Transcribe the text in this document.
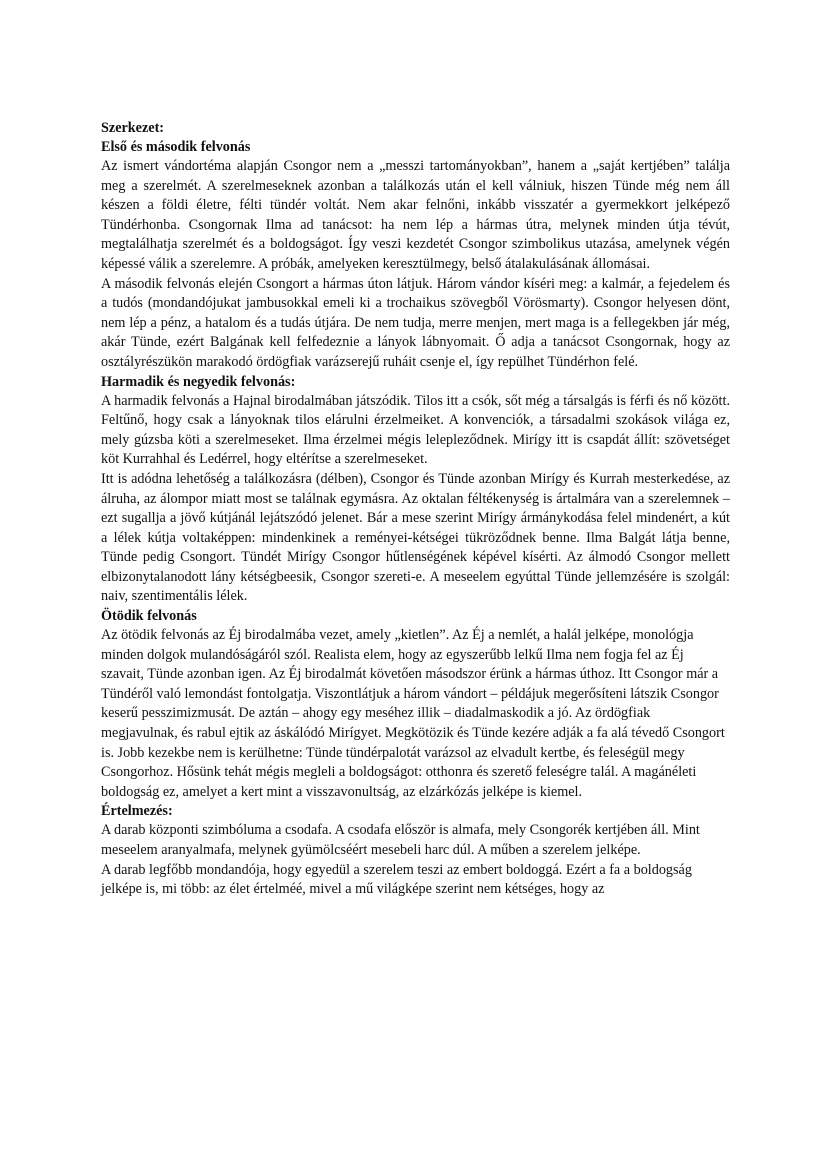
Szerkezet:
Első és második felvonás

Az ismert vándortéma alapján Csongor nem a „messzi tartományokban”, hanem a „saját kertjében” találja meg a szerelmét. A szerelmeseknek azonban a találkozás után el kell válniuk, hiszen Tünde még nem áll készen a földi életre, félti tündér voltát. Nem akar felnőni, inkább visszatér a gyermekkort jelképező Tündérhonba. Csongornak Ilma ad tanácsot: ha nem lép a hármas útra, melynek minden útja tévút, megtalálhatja szerelmét és a boldogságot. Így veszi kezdetét Csongor szimbolikus utazása, amelynek végén képessé válik a szerelemre. A próbák, amelyeken keresztülmegy, belső átalakulásának állomásai.

A második felvonás elején Csongort a hármas úton látjuk. Három vándor kíséri meg: a kalmár, a fejedelem és a tudós (mondandójukat jambusokkal emeli ki a trochaikus szövegből Vörösmarty). Csongor helyesen dönt, nem lép a pénz, a hatalom és a tudás útjára. De nem tudja, merre menjen, mert maga is a fellegekben jár még, akár Tünde, ezért Balgának kell felfedeznie a lányok lábnyomait. Ő adja a tanácsot Csongornak, hogy az osztályrészükön marakodó ördögfiak varázserejű ruháit csenje el, így repülhet Tündérhon felé.

Harmadik és negyedik felvonás:

A harmadik felvonás a Hajnal birodalmában játszódik. Tilos itt a csók, sőt még a társalgás is férfi és nő között. Feltűnő, hogy csak a lányoknak tilos elárulni érzelmeiket. A konvenciók, a társadalmi szokások világa ez, mely gúzsba köti a szerelmeseket. Ilma érzelmei mégis lelepleződnek. Mirígy itt is csapdát állít: szövetséget köt Kurrahhal és Ledérrel, hogy eltérítse a szerelmeseket.

Itt is adódna lehetőség a találkozásra (délben), Csongor és Tünde azonban Mirígy és Kurrah mesterkedése, az álruha, az álompor miatt most se találnak egymásra. Az oktalan féltékenység is ártalmára van a szerelemnek – ezt sugallja a jövő kútjánál lejátszódó jelenet. Bár a mese szerint Mirígy ármánykodása felel mindenért, a kút a lélek kútja voltaképpen: mindenkinek a reményei-kétségei tükröződnek benne. Ilma Balgát látja benne, Tünde pedig Csongort. Tündét Mirígy Csongor hűtlenségének képével kísérti. Az álmodó Csongor mellett elbizonytalanodott lány kétségbeesik, Csongor szereti-e. A meseelem egyúttal Tünde jellemzésére is szolgál: naiv, szentimentális lélek.

Ötödik felvonás

Az ötödik felvonás az Éj birodalmába vezet, amely „kietlen”. Az Éj a nemlét, a halál jelképe, monológja minden dolgok mulandóságáról szól. Realista elem, hogy az egyszerűbb lelkű Ilma nem fogja fel az Éj szavait, Tünde azonban igen. Az Éj birodalmát követően másodszor érünk a hármas úthoz. Itt Csongor már a Tündéről való lemondást fontolgatja. Viszontlátjuk a három vándort – példájuk megerősíteni látszik Csongor keserű pesszimizmusát. De aztán – ahogy egy meséhez illik – diadalmaskodik a jó. Az ördögfiak megjavulnak, és rabul ejtik az áskálódó Mirígyet. Megkötözik és Tünde kezére adják a fa alá tévedő Csongort is. Jobb kezekbe nem is kerülhetne: Tünde tündérpalotát varázsol az elvadult kertbe, és feleségül megy Csongorhoz. Hősünk tehát mégis megleli a boldogságot: otthonra és szerető feleségre talál. A magánéleti boldogság ez, amelyet a kert mint a visszavonultság, az elzárkózás jelképe is kiemel.

Értelmezés:

A darab központi szimbóluma a csodafa. A csodafa először is almafa, mely Csongorék kertjében áll. Mint meseelem aranyalmafa, melynek gyümölcséért mesebeli harc dúl. A műben a szerelem jelképe.

A darab legfőbb mondandója, hogy egyedül a szerelem teszi az embert boldoggá. Ezért a fa a boldogság jelképe is, mi több: az élet értelméé, mivel a mű világképe szerint nem kétséges, hogy az
